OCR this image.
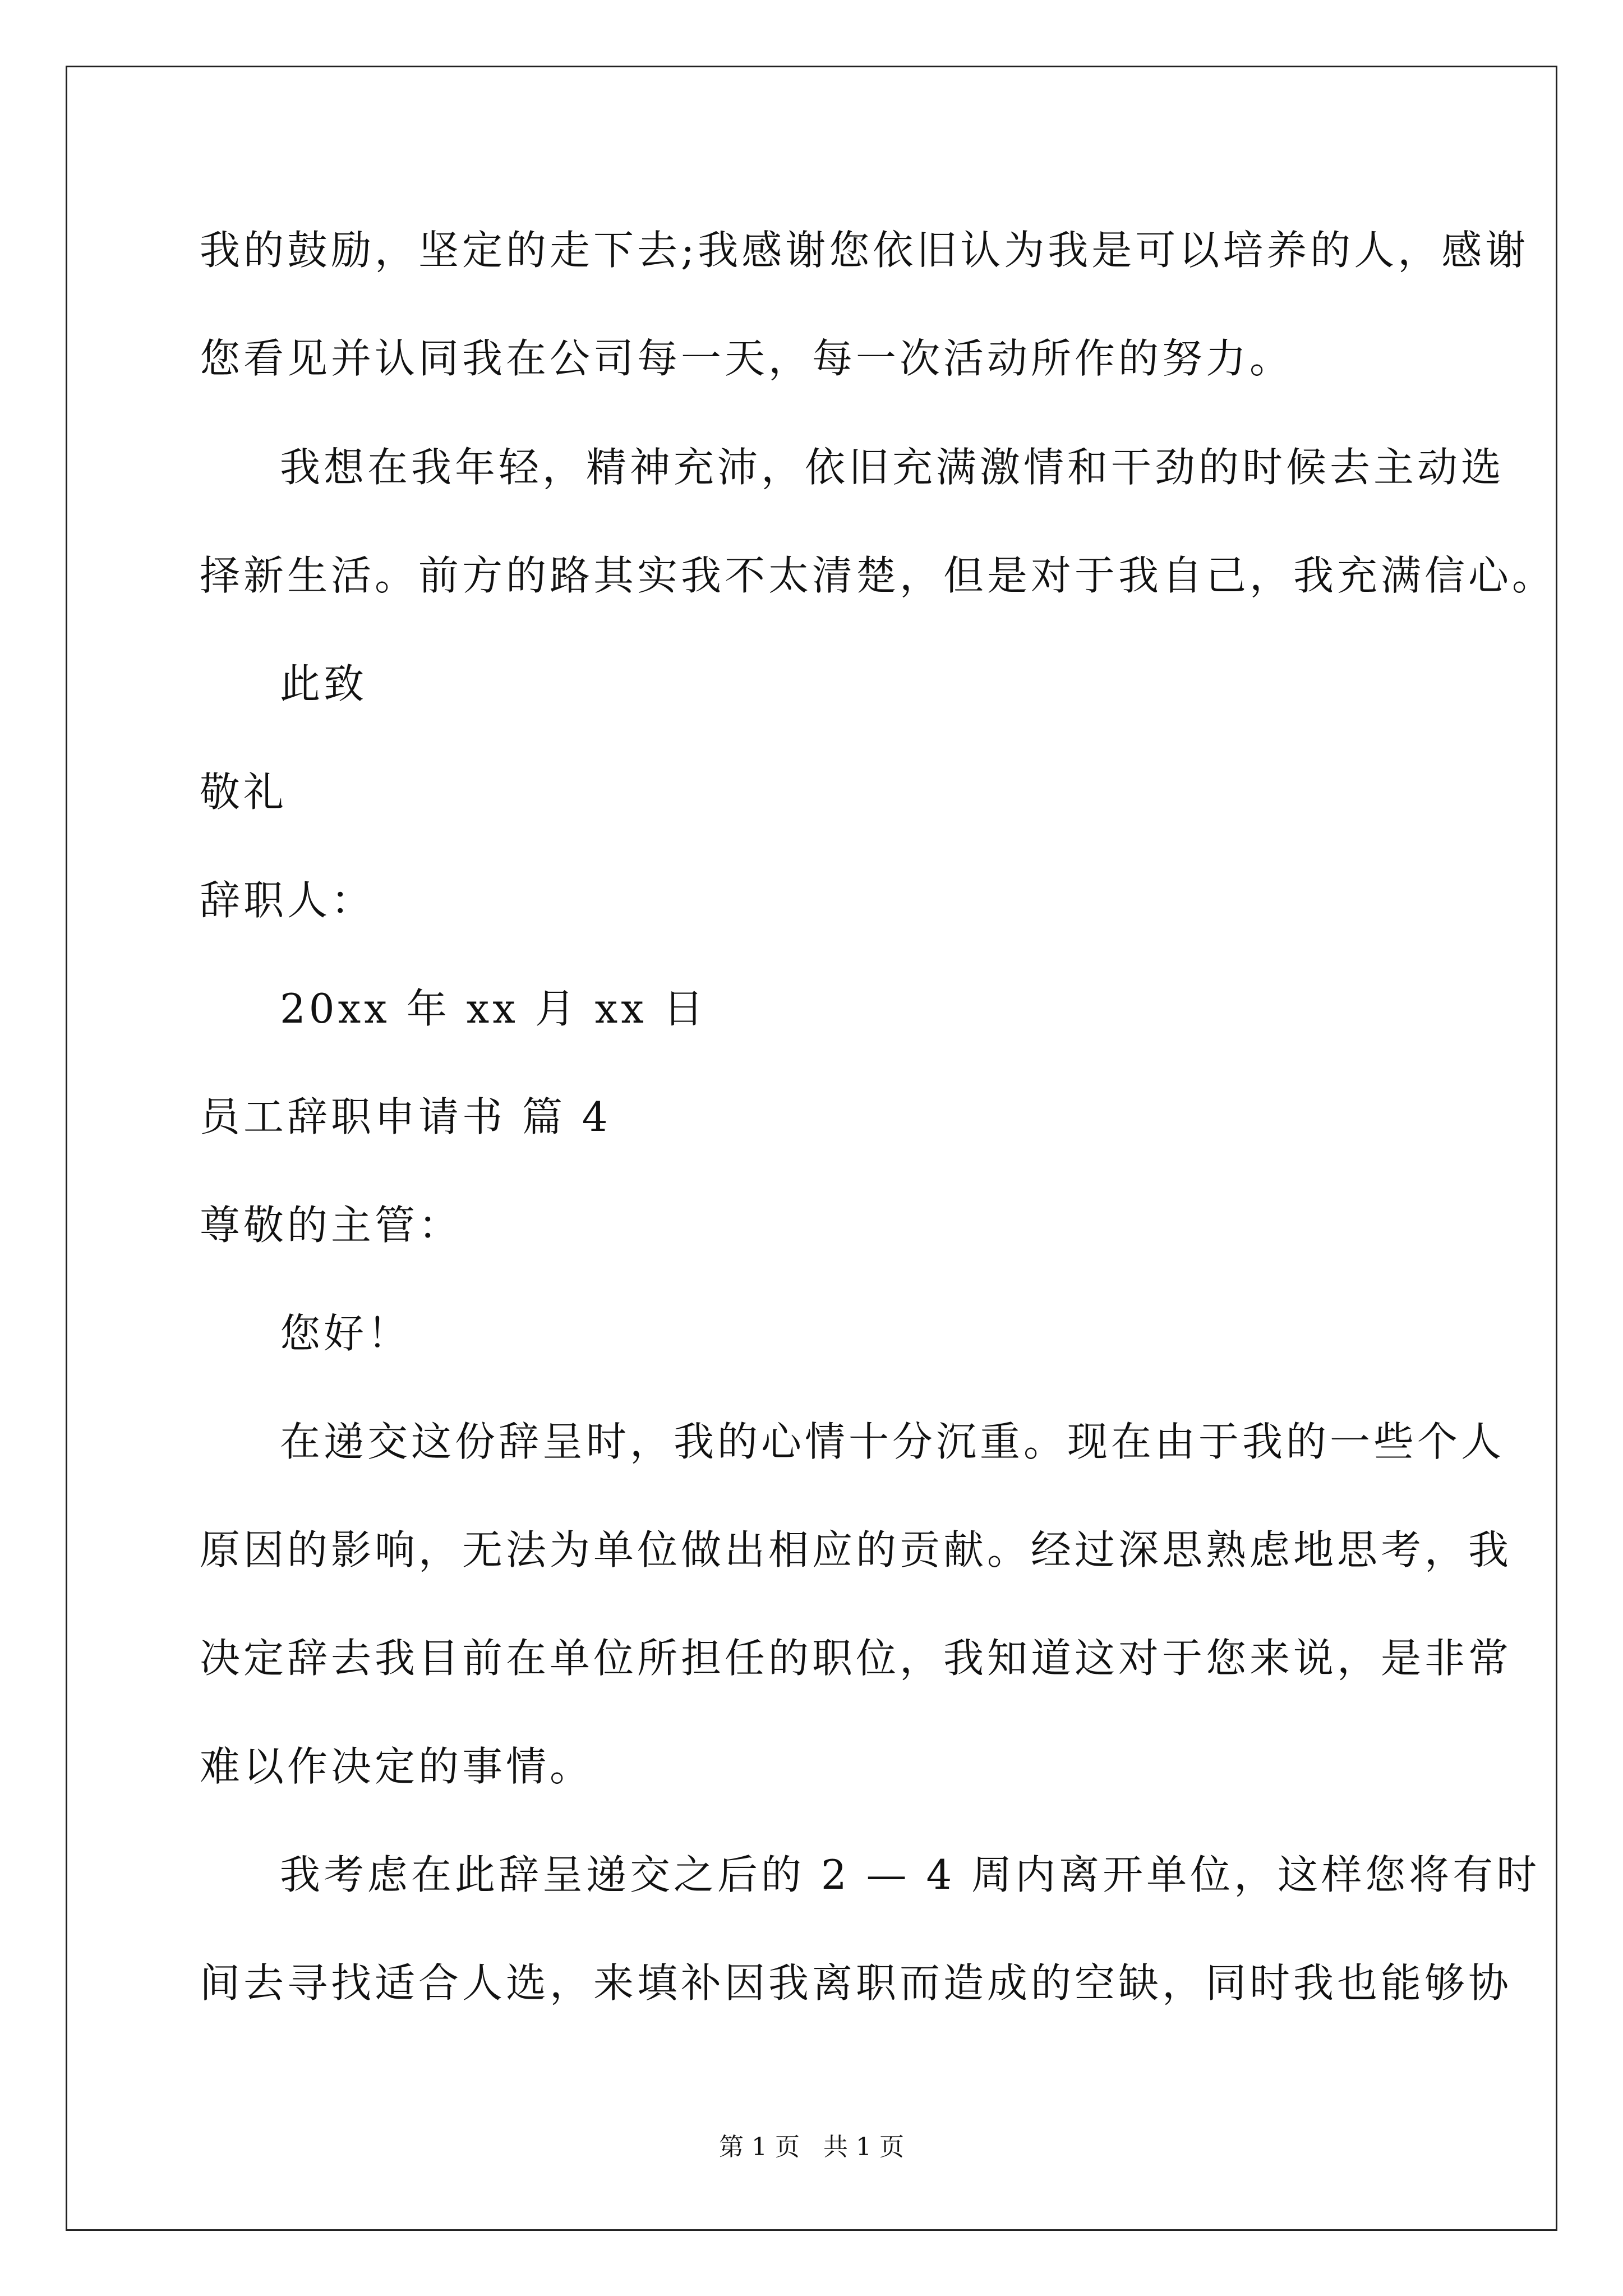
我的鼓励，坚定的走下去;我感谢您依旧认为我是可以培养的人，感谢
您看见并认同我在公司每一天，每一次活动所作的努力。
我想在我年轻，精神充沛，依旧充满激情和干劲的时候去主动选
择新生活。前方的路其实我不太清楚，但是对于我自己，我充满信心。
此致
敬礼
辞职人：
20xx 年 xx 月 xx 日
员工辞职申请书 篇 4
尊敬的主管：
您好！
在递交这份辞呈时，我的心情十分沉重。现在由于我的一些个人
原因的影响，无法为单位做出相应的贡献。经过深思熟虑地思考，我
决定辞去我目前在单位所担任的职位，我知道这对于您来说，是非常
难以作决定的事情。
我考虑在此辞呈递交之后的 2 — 4 周内离开单位，这样您将有时
间去寻找适合人选，来填补因我离职而造成的空缺，同时我也能够协
第 1 页 共 1 页
